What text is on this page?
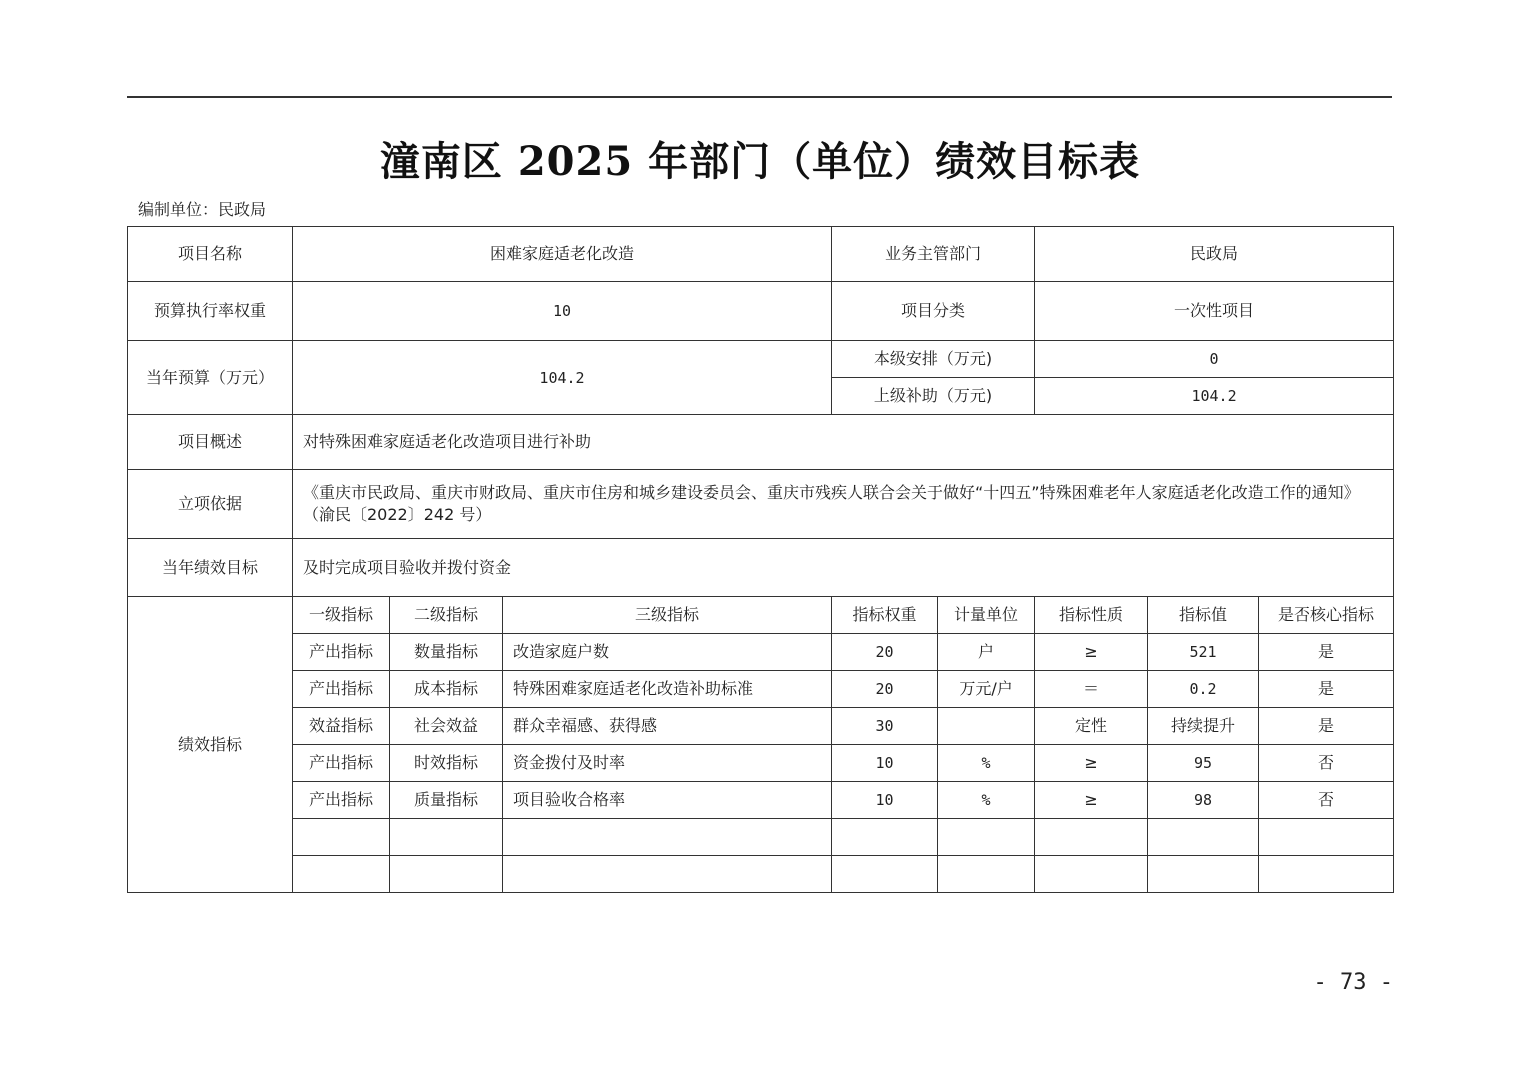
潼南区 2025 年部门（单位）绩效目标表
编制单位：民政局
项目名称	困难家庭适老化改造			业务主管部门		民政局		
预算执行率权重	10			项目分类		一次性项目		
当年预算（万元）	104.2			本级安排（万元)		0		
				上级补助（万元)		104.2		
项目概述	对特殊困难家庭适老化改造项目进行补助							
立项依据	《重庆市民政局、重庆市财政局、重庆市住房和城乡建设委员会、重庆市残疾人联合会关于做好“十四五”特殊困难老年人家庭适老化改造工作的通知》（渝民〔2022〕242 号）							
当年绩效目标	及时完成项目验收并拨付资金							
绩效指标	一级指标	二级指标	三级指标	指标权重	计量单位	指标性质	指标值	是否核心指标
	产出指标	数量指标	改造家庭户数	20	户	≥	521	是
	产出指标	成本指标	特殊困难家庭适老化改造补助标准	20	万元/户	＝	0.2	是
	效益指标	社会效益	群众幸福感、获得感	30		定性	持续提升	是
	产出指标	时效指标	资金拨付及时率	10	%	≥	95	否
	产出指标	质量指标	项目验收合格率	10	%	≥	98	否

- 73 -
